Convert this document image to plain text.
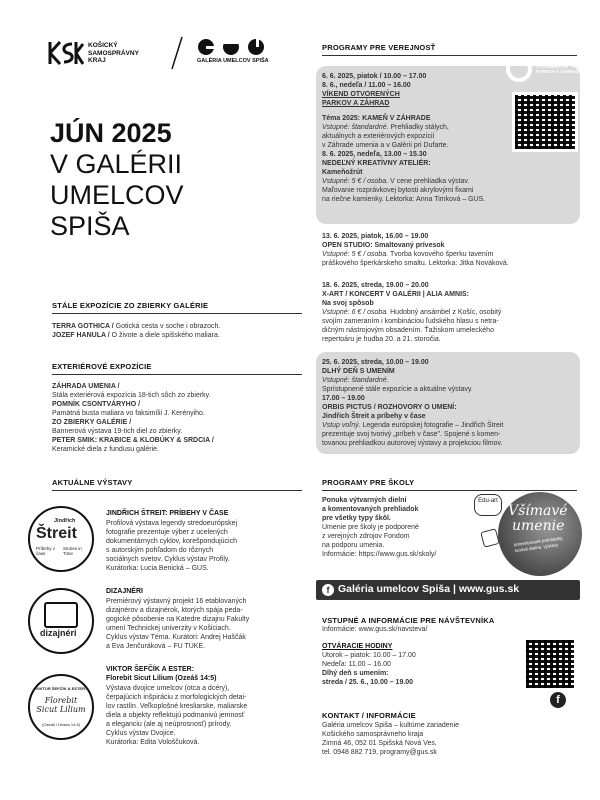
KOŠICKÝ
SAMOSPRÁVNY
KRAJ	GALÉRIA UMELCOV SPIŠA
JÚN 2025
V GALÉRII
UMELCOV
SPIŠA
STÁLE EXPOZÍCIE ZO ZBIERKY GALÉRIE
TERRA GOTHICA / Gotická cesta v soche i obrazoch.
JOZEF HANULA / O živote a diele spišského maliara.
EXTERIÉROVÉ EXPOZÍCIE
ZÁHRADA UMENIA /
Stála exteriérová expozícia 18-tich sôch zo zbierky.
POMNÍK CSONTVÁRYHO /
Pamätná busta maliara vo faksimílii J. Kerényiho.
ZO ZBIERKY GALÉRIE /
Bannerová výstava 19-tich diel zo zbierky.
PETER SMIK: KRABICE & KLOBÚKY & SRDCIA /
Keramické diela z fundusu galérie.
AKTUÁLNE VÝSTAVY
Jindřich
Štreit
Príbehy v čase
Stories in Time
JINDŘICH ŠTREIT: PRÍBEHY V ČASE
Profilová výstava legendy stredoeurópskej
fotografie prezentuje výber z ucelených
dokumentárnych cyklov, korešpondujúcich
s autorským pohľadom do rôznych
sociálnych svetov. Cyklus výstav Profily.
Kurátorka: Lucia Benická – GUS.
dizajnéri
DIZAJNÉRI
Premiérový výstavný projekt 16 etablovaných
dizajnérov a dizajnérok, ktorých spája peda-
gogické pôsobenie na Katedre dizajnu Fakulty
umení Technickej univerzity v Košiciach.
Cyklus výstav Téma. Kurátori: Andrej Haščák
a Eva Jenčuráková – FU TUKE.
VIKTOR ŠEFČÍK & ESTER:
Florebit Sicut Lilium
(Ozeáš / Hosea 14:5)
VIKTOR ŠEFČÍK A ESTER:
Florebit Sicut Lilium (Ozeáš 14:5)
Výstava dvojice umelcov (otca a dcéry),
čerpajúcich inšpiráciu z morfologických detai-
lov rastlín. Veľkoplošné kresliarske, maliarske
diela a objekty reflektujú podmanivú jemnosť
a eleganciu (ale aj neúprosnosť) prírody.
Cyklus výstav Dvojice.
Kurátorka: Edita Vološčuková.
PROGRAMY PRE VEREJNOSŤ
VÍKEND
OTVORENÝCH
PARKOV A ZÁHRAD
6. 6. 2025, piatok / 10.00 – 17.00
8. 6., nedeľa / 11.00 – 16.00
VÍKEND OTVORENÝCH
PARKOV A ZÁHRAD
Téma 2025: KAMEŇ V ZÁHRADE
Vstupné: štandardné. Prehliadky stálych,
aktuálnych a exteriérových expozícií
v Záhrade umenia a v Galérii pri Dufarte.
8. 6. 2025, nedeľa, 13.00 – 15.30
NEDEĽNÝ KREATÍVNY ATELIÉR:
Kameňožrút
Vstupné: 5 € / osoba. V cene prehliadka výstav.
Maľovanie rozprávkovej bytosti akrylovými fixami
na riečne kamienky. Lektorka: Anna Timková – GUS.
13. 6. 2025, piatok, 16.00 – 19.00
OPEN STUDIO: Smaltovaný prívesok
Vstupné: 5 € / osoba. Tvorba kovového šperku tavením
práškového šperkárskeho smaltu. Lektorka: Jitka Nováková.
18. 6. 2025, streda, 19.00 – 20.00
X-ART / KONCERT V GALÉRII | ALIA AMNIS:
Na svoj spôsob
Vstupné: 6 € / osoba. Hudobný ansámbel z Košíc, osobitý
svojím zameraním i kombináciou ľudského hlasu s netra-
dičným nástrojovým obsadením. Ťažiskom umeleckého
repertoáru je hudba 20. a 21. storočia.
25. 6. 2025, streda, 10.00 – 19.00
DLHÝ DEŇ S UMENÍM
Vstupné: štandardné.
Sprístupnené stále expozície a aktuálne výstavy.
17.00 – 19.00
ORBIS PICTUS / ROZHOVORY O UMENÍ:
Jindřich Štreit a príbehy v čase
Vstup voľný. Legenda európskej fotografie – Jindřich Štreit
prezentuje svoj tvorivý „príbeh v čase". Spojené s komen-
tovanou prehliadkou autorovej výstavy a projekciou filmov.
PROGRAMY PRE ŠKOLY
Ponuka výtvarných dielní
a komentovaných prehliadok
pre všetky typy škôl.
Umenie pre školy je podporené
z verejných zdrojov Fondom
na podporu umenia.
Informácie: https://www.gus.sk/skoly/
Edu-art
Všímavé
umenie
komentované prehliadky, tvorivé dielne, výstavy
f Galéria umelcov Spiša | www.gus.sk
VSTUPNÉ A INFORMÁCIE PRE NÁVŠTEVNÍKA
Informácie: www.gus.sk/navsteva/
OTVÁRACIE HODINY
Utorok – piatok: 10.00 – 17.00
Nedeľa: 11.00 – 16.00
Dlhý deň s umením:
streda / 25. 6., 10.00 – 19.00
f
KONTAKT / INFORMÁCIE
Galéria umelcov Spiša – kultúrne zariadenie
Košického samosprávneho kraja
Zimná 46, 052 01 Spišská Nová Ves,
tel. 0948 882 719, programy@gus.sk
